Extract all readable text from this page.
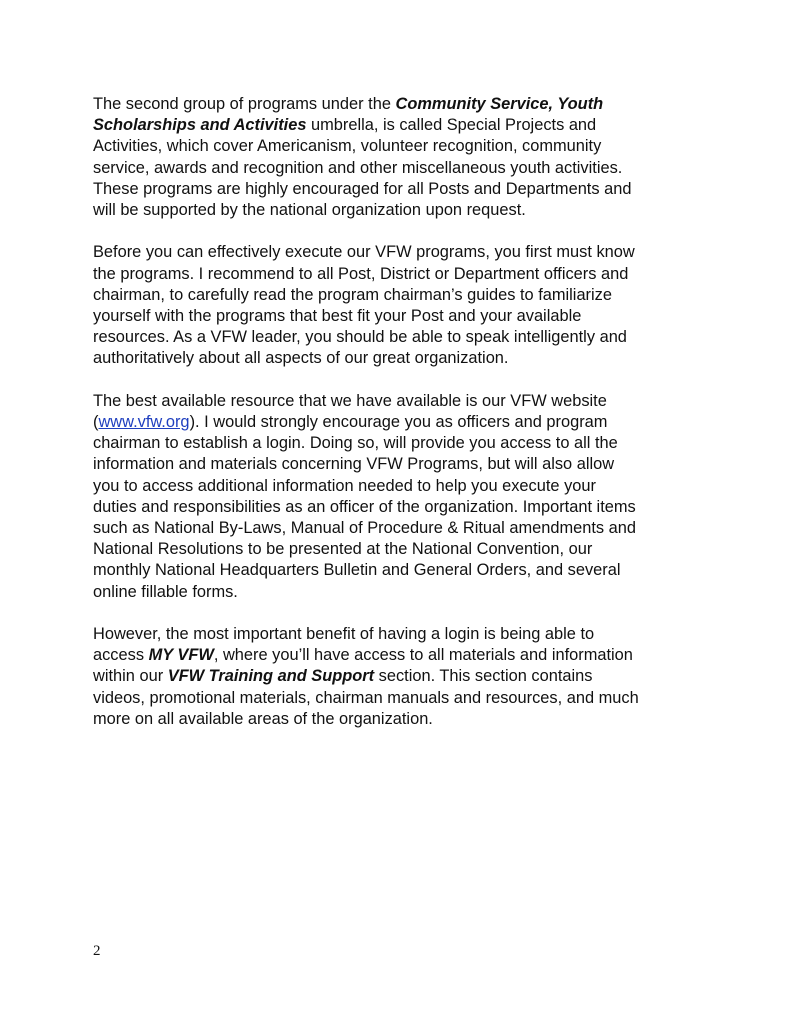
The second group of programs under the Community Service, Youth
Scholarships and Activities umbrella, is called Special Projects and
Activities, which cover Americanism, volunteer recognition, community
service, awards and recognition and other miscellaneous youth activities.
These programs are highly encouraged for all Posts and Departments and
will be supported by the national organization upon request.

Before you can effectively execute our VFW programs, you first must know
the programs. I recommend to all Post, District or Department officers and
chairman, to carefully read the program chairman’s guides to familiarize
yourself with the programs that best fit your Post and your available
resources. As a VFW leader, you should be able to speak intelligently and
authoritatively about all aspects of our great organization.

The best available resource that we have available is our VFW website
(www.vfw.org). I would strongly encourage you as officers and program
chairman to establish a login. Doing so, will provide you access to all the
information and materials concerning VFW Programs, but will also allow
you to access additional information needed to help you execute your
duties and responsibilities as an officer of the organization. Important items
such as National By-Laws, Manual of Procedure & Ritual amendments and
National Resolutions to be presented at the National Convention, our
monthly National Headquarters Bulletin and General Orders, and several
online fillable forms.

However, the most important benefit of having a login is being able to
access MY VFW, where you’ll have access to all materials and information
within our VFW Training and Support section. This section contains
videos, promotional materials, chairman manuals and resources, and much
more on all available areas of the organization.

2
